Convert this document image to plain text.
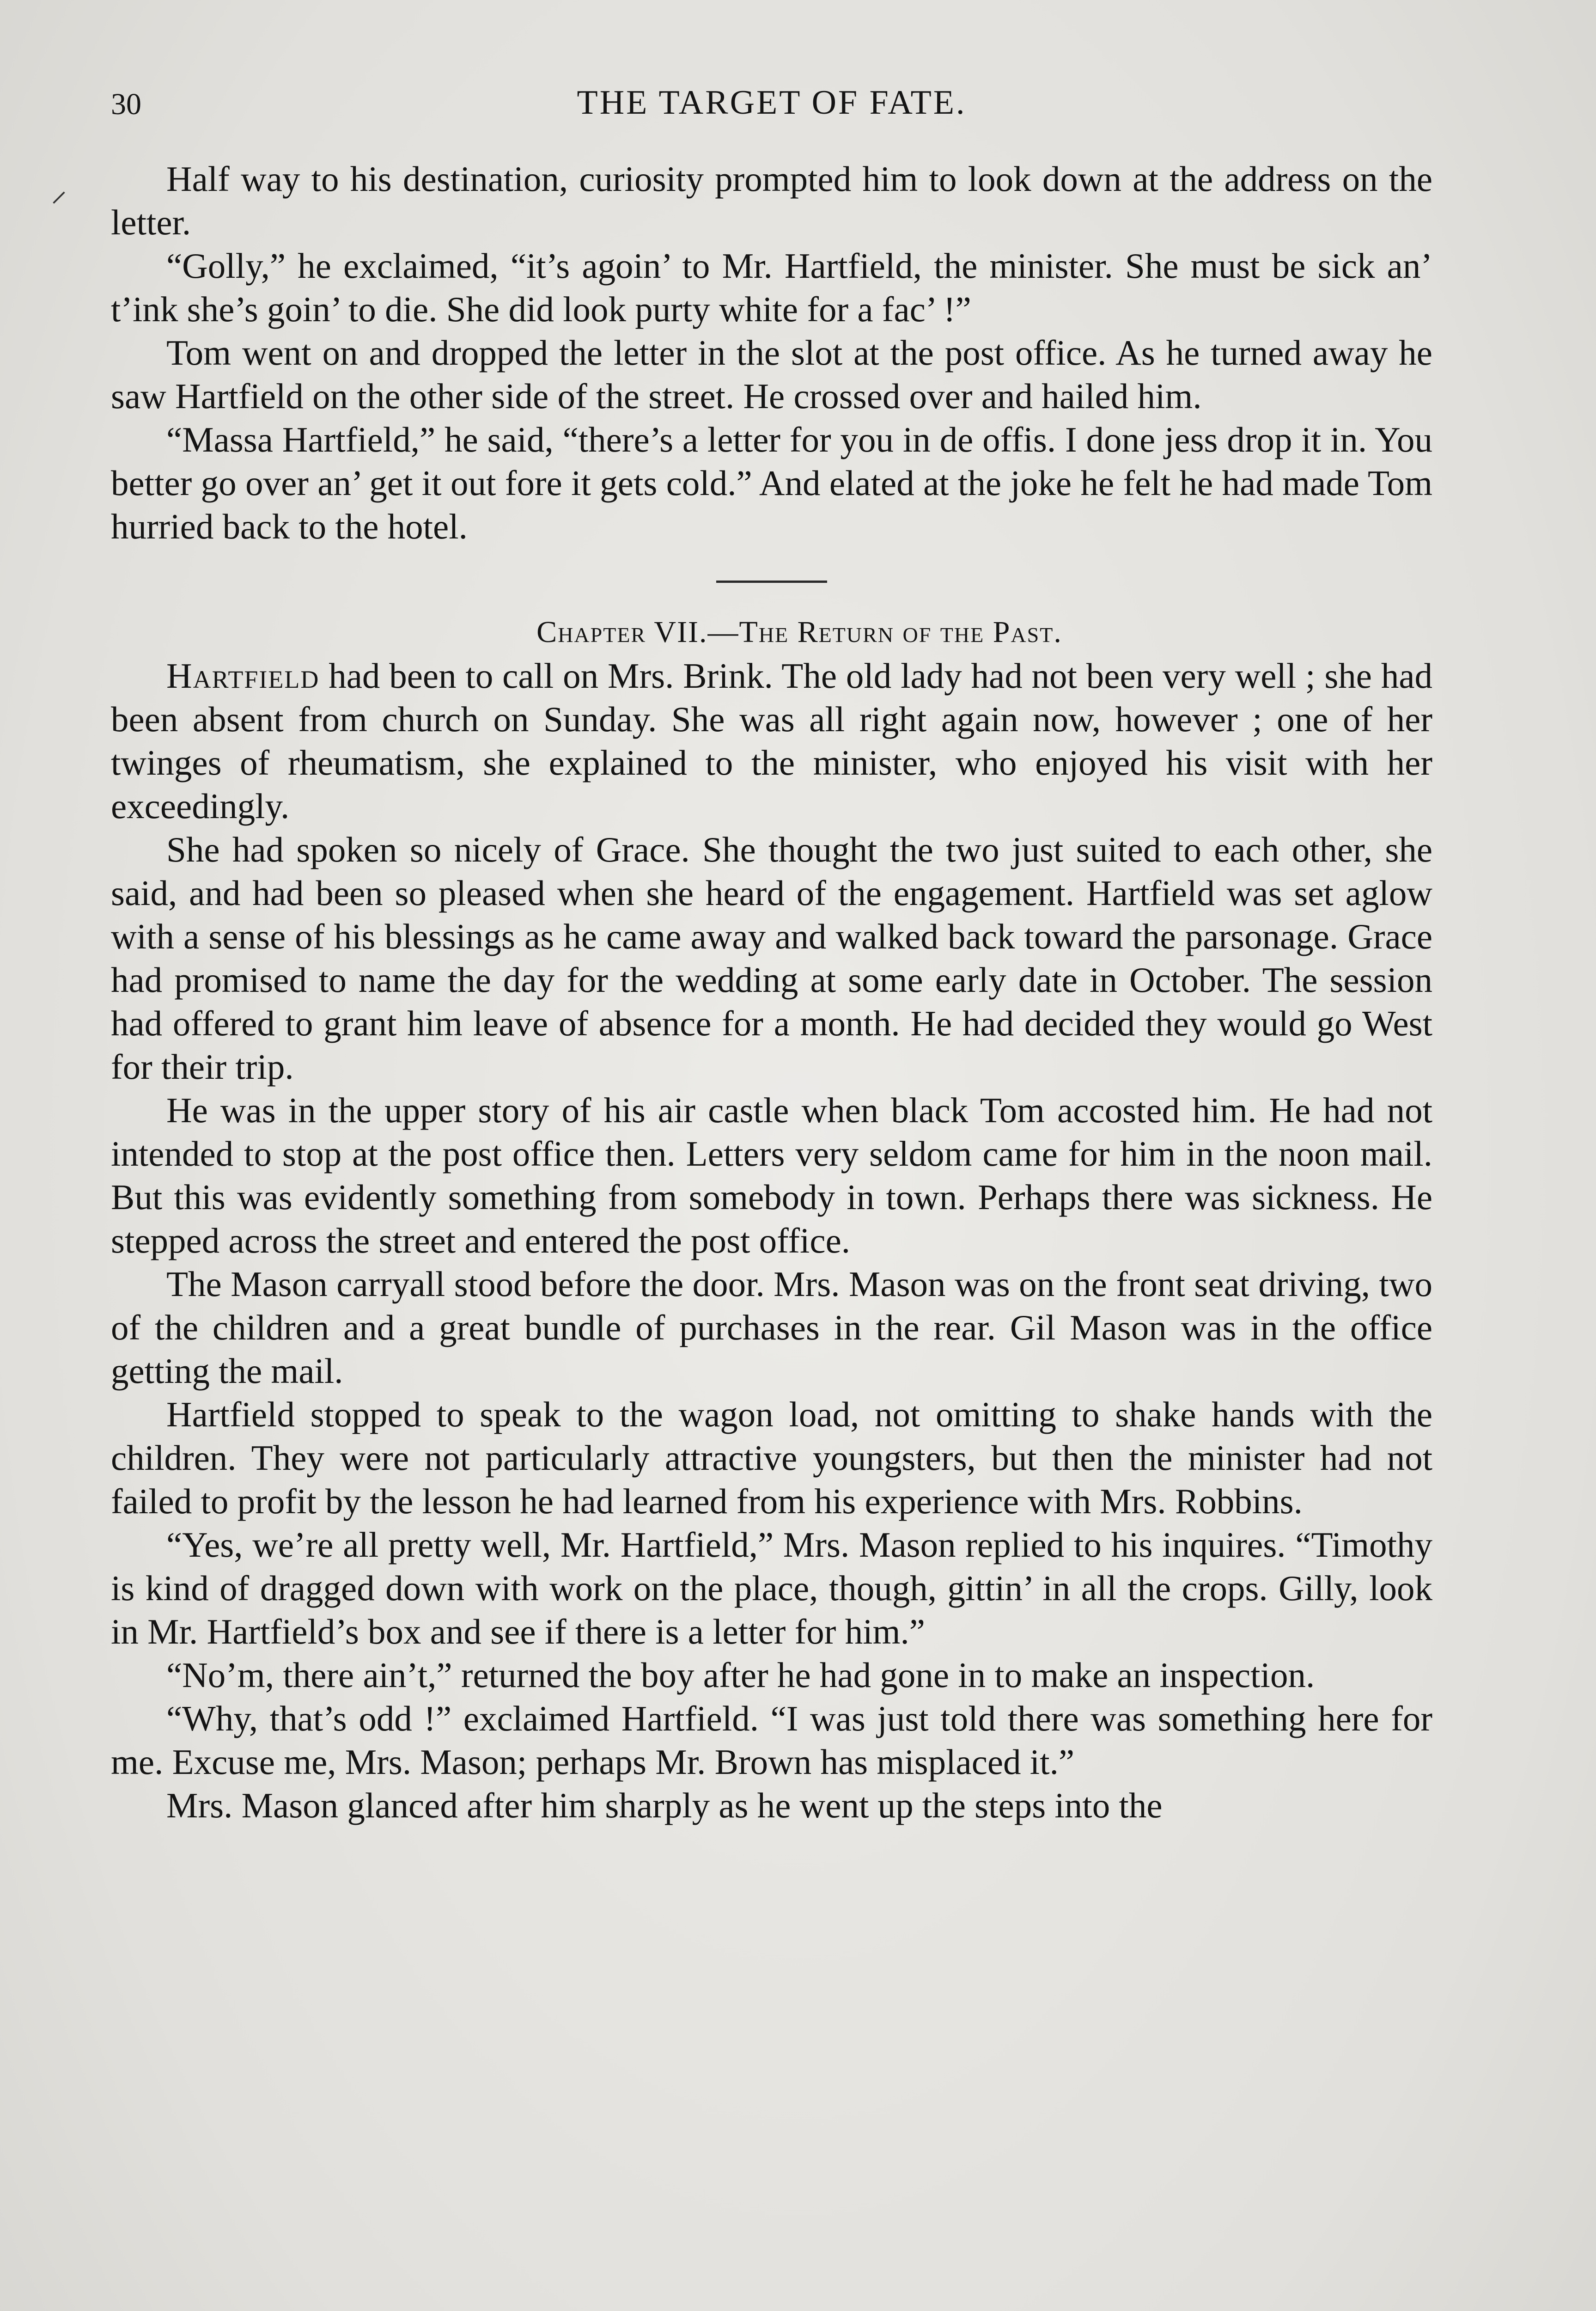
⸝
30	THE TARGET OF FATE.

Half way to his destination, curiosity prompted him to look down at the address on the letter.

“Golly,” he exclaimed, “it’s agoin’ to Mr. Hartfield, the minister. She must be sick an’ t’ink she’s goin’ to die. She did look purty white for a fac’ !”

Tom went on and dropped the letter in the slot at the post office. As he turned away he saw Hartfield on the other side of the street. He crossed over and hailed him.

“Massa Hartfield,” he said, “there’s a letter for you in de offis. I done jess drop it in. You better go over an’ get it out fore it gets cold.” And elated at the joke he felt he had made Tom hurried back to the hotel.

Chapter VII.—The Return of the Past.

Hartfield had been to call on Mrs. Brink. The old lady had not been very well ; she had been absent from church on Sunday. She was all right again now, however ; one of her twinges of rheumatism, she explained to the minister, who enjoyed his visit with her exceedingly.

She had spoken so nicely of Grace. She thought the two just suited to each other, she said, and had been so pleased when she heard of the engagement. Hartfield was set aglow with a sense of his blessings as he came away and walked back toward the parsonage. Grace had promised to name the day for the wedding at some early date in October. The session had offered to grant him leave of absence for a month. He had decided they would go West for their trip.

He was in the upper story of his air castle when black Tom accosted him. He had not intended to stop at the post office then. Letters very seldom came for him in the noon mail. But this was evidently something from somebody in town. Perhaps there was sickness. He stepped across the street and entered the post office.

The Mason carryall stood before the door. Mrs. Mason was on the front seat driving, two of the children and a great bundle of purchases in the rear. Gil Mason was in the office getting the mail.

Hartfield stopped to speak to the wagon load, not omitting to shake hands with the children. They were not particularly attractive youngsters, but then the minister had not failed to profit by the lesson he had learned from his experience with Mrs. Robbins.

“Yes, we’re all pretty well, Mr. Hartfield,” Mrs. Mason replied to his inquires. “Timothy is kind of dragged down with work on the place, though, gittin’ in all the crops. Gilly, look in Mr. Hartfield’s box and see if there is a letter for him.”

“No’m, there ain’t,” returned the boy after he had gone in to make an inspection.

“Why, that’s odd !” exclaimed Hartfield. “I was just told there was something here for me. Excuse me, Mrs. Mason; perhaps Mr. Brown has misplaced it.”

Mrs. Mason glanced after him sharply as he went up the steps into the
